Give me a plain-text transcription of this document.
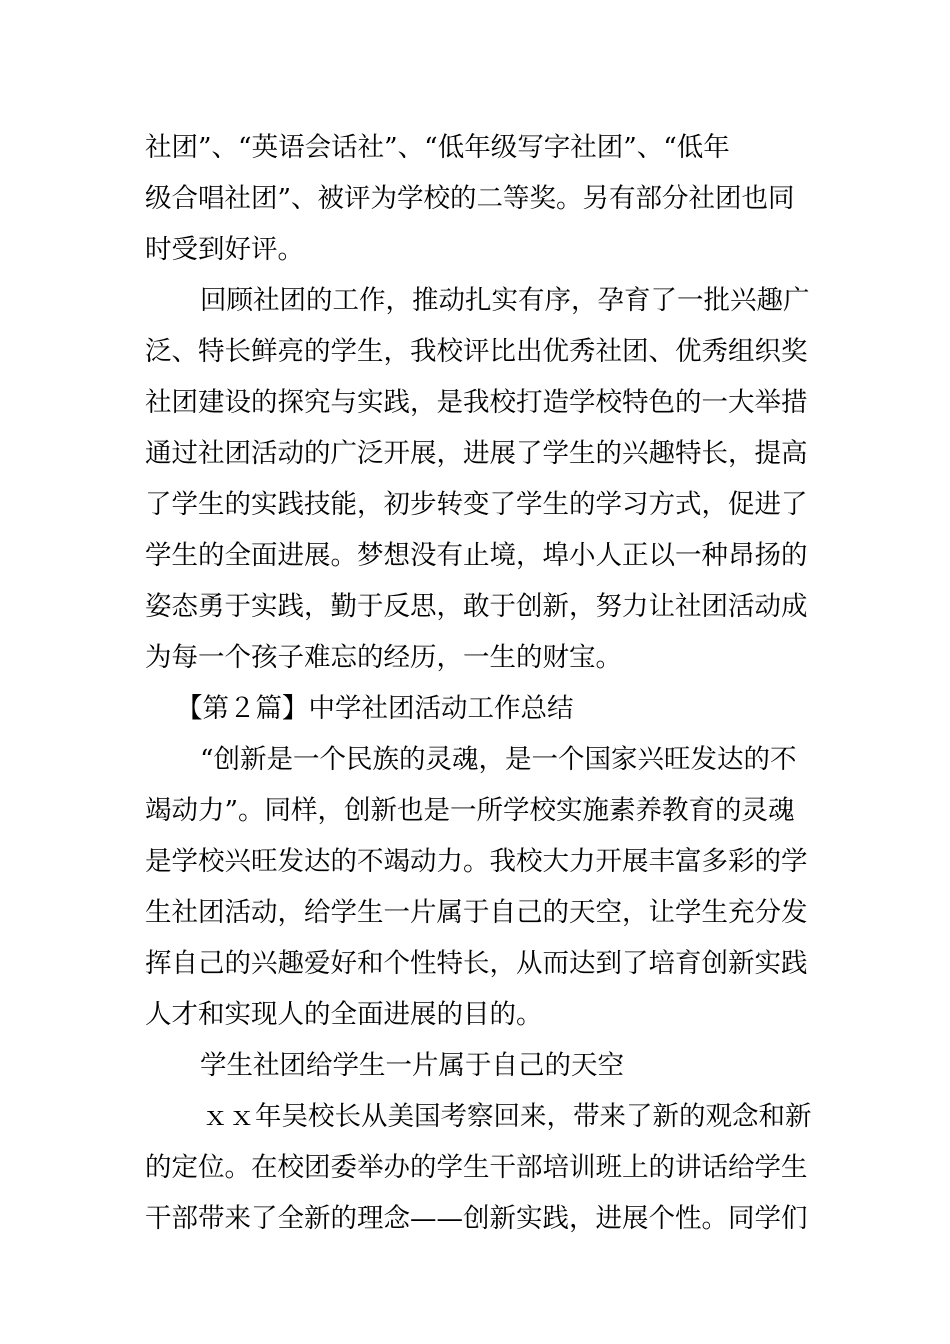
社团”、“英语会话社”、“低年级写字社团”、“低年
级合唱社团”、被评为学校的二等奖。另有部分社团也同
时受到好评。
回顾社团的工作，推动扎实有序，孕育了一批兴趣广
泛、特长鲜亮的学生，我校评比出优秀社团、优秀组织奖
社团建设的探究与实践，是我校打造学校特色的一大举措
通过社团活动的广泛开展，进展了学生的兴趣特长，提高
了学生的实践技能，初步转变了学生的学习方式，促进了
学生的全面进展。梦想没有止境，埠小人正以一种昂扬的
姿态勇于实践，勤于反思，敢于创新，努力让社团活动成
为每一个孩子难忘的经历，一生的财宝。
【第２篇】中学社团活动工作总结
“创新是一个民族的灵魂，是一个国家兴旺发达的不
竭动力”。同样，创新也是一所学校实施素养教育的灵魂
是学校兴旺发达的不竭动力。我校大力开展丰富多彩的学
生社团活动，给学生一片属于自己的天空，让学生充分发
挥自己的兴趣爱好和个性特长，从而达到了培育创新实践
人才和实现人的全面进展的目的。
学生社团给学生一片属于自己的天空
ｘｘ年吴校长从美国考察回来，带来了新的观念和新
的定位。在校团委举办的学生干部培训班上的讲话给学生
干部带来了全新的理念——创新实践，进展个性。同学们
